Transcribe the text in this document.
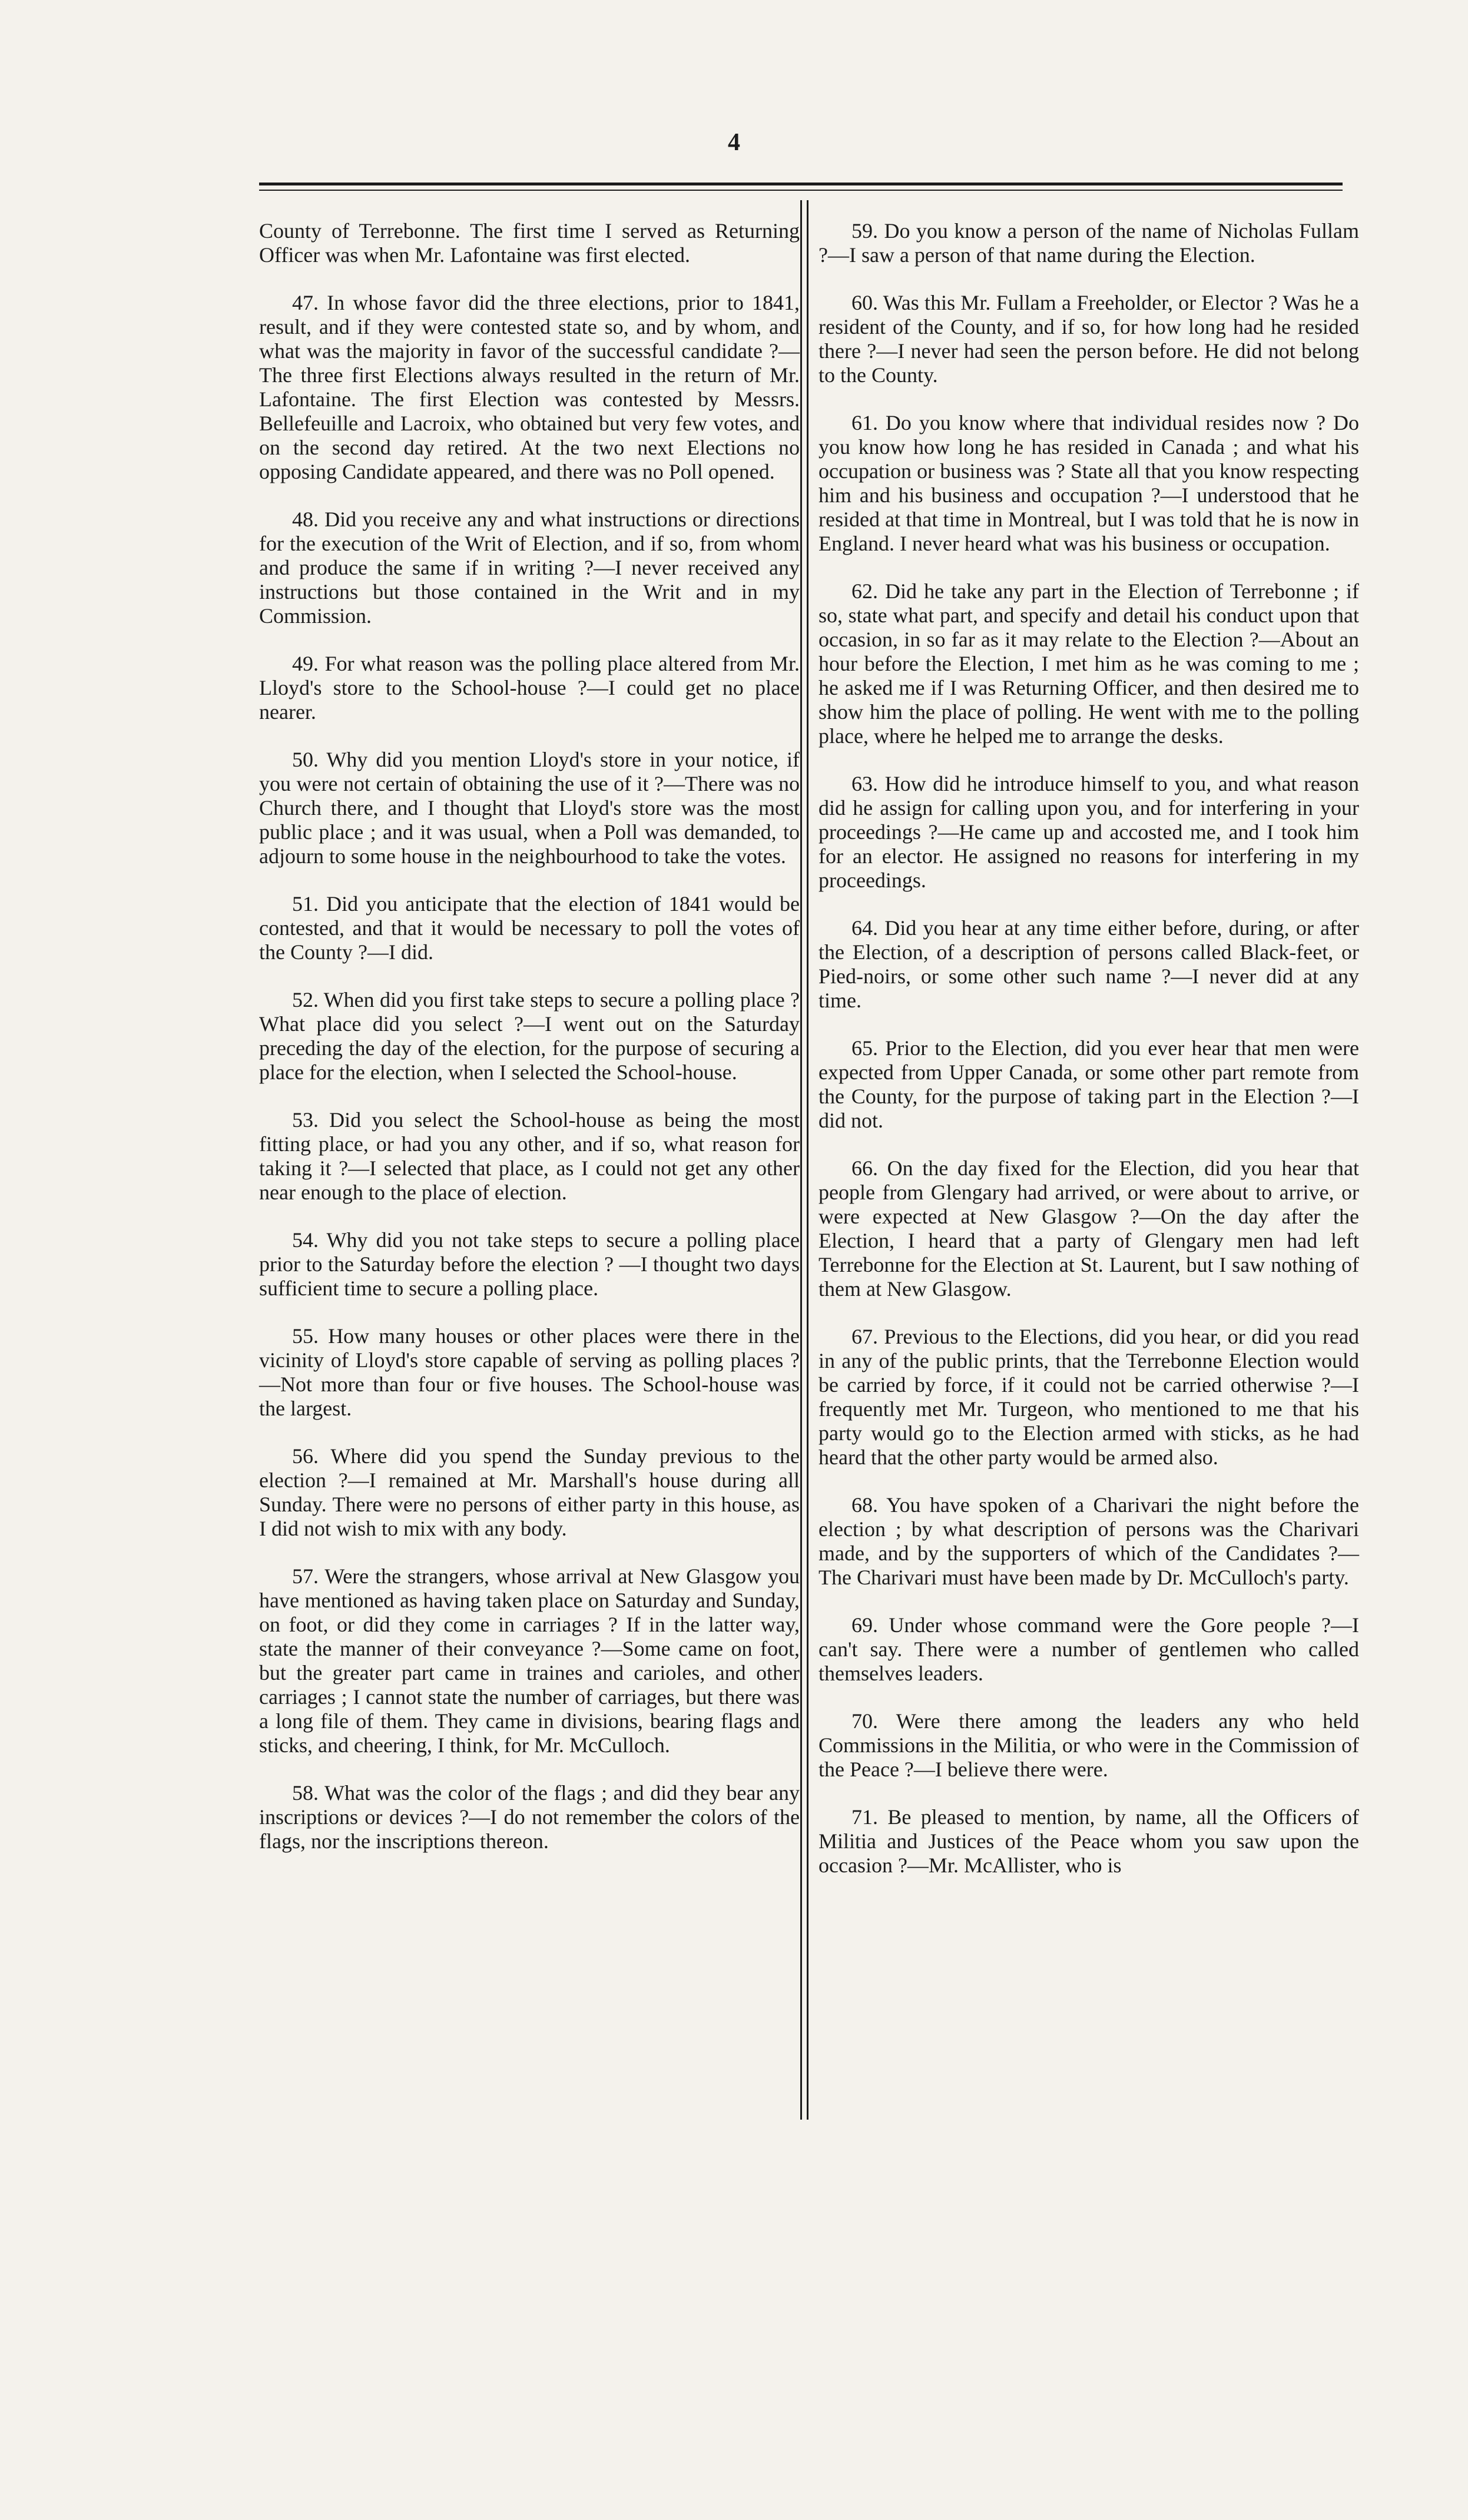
4

County of Terrebonne. The first time I served as Returning Officer was when Mr. Lafontaine was first elected.

47. In whose favor did the three elections, prior to 1841, result, and if they were contested state so, and by whom, and what was the majority in favor of the successful candidate ?—The three first Elections always resulted in the return of Mr. Lafontaine. The first Election was contested by Messrs. Bellefeuille and Lacroix, who obtained but very few votes, and on the second day retired. At the two next Elections no opposing Candidate appeared, and there was no Poll opened.

48. Did you receive any and what instructions or directions for the execution of the Writ of Election, and if so, from whom and produce the same if in writing ?—I never received any instructions but those contained in the Writ and in my Commission.

49. For what reason was the polling place altered from Mr. Lloyd's store to the School-house ?—I could get no place nearer.

50. Why did you mention Lloyd's store in your notice, if you were not certain of obtaining the use of it ?—There was no Church there, and I thought that Lloyd's store was the most public place ; and it was usual, when a Poll was demanded, to adjourn to some house in the neighbourhood to take the votes.

51. Did you anticipate that the election of 1841 would be contested, and that it would be necessary to poll the votes of the County ?—I did.

52. When did you first take steps to secure a polling place ? What place did you select ?—I went out on the Saturday preceding the day of the election, for the purpose of securing a place for the election, when I selected the School-house.

53. Did you select the School-house as being the most fitting place, or had you any other, and if so, what reason for taking it ?—I selected that place, as I could not get any other near enough to the place of election.

54. Why did you not take steps to secure a polling place prior to the Saturday before the election ? —I thought two days sufficient time to secure a polling place.

55. How many houses or other places were there in the vicinity of Lloyd's store capable of serving as polling places ?—Not more than four or five houses. The School-house was the largest.

56. Where did you spend the Sunday previous to the election ?—I remained at Mr. Marshall's house during all Sunday. There were no persons of either party in this house, as I did not wish to mix with any body.

57. Were the strangers, whose arrival at New Glasgow you have mentioned as having taken place on Saturday and Sunday, on foot, or did they come in carriages ? If in the latter way, state the manner of their conveyance ?—Some came on foot, but the greater part came in traines and carioles, and other carriages ; I cannot state the number of carriages, but there was a long file of them. They came in divisions, bearing flags and sticks, and cheering, I think, for Mr. McCulloch.

58. What was the color of the flags ; and did they bear any inscriptions or devices ?—I do not remember the colors of the flags, nor the inscriptions thereon.

59. Do you know a person of the name of Nicholas Fullam ?—I saw a person of that name during the Election.

60. Was this Mr. Fullam a Freeholder, or Elector ? Was he a resident of the County, and if so, for how long had he resided there ?—I never had seen the person before. He did not belong to the County.

61. Do you know where that individual resides now ? Do you know how long he has resided in Canada ; and what his occupation or business was ? State all that you know respecting him and his business and occupation ?—I understood that he resided at that time in Montreal, but I was told that he is now in England. I never heard what was his business or occupation.

62. Did he take any part in the Election of Terrebonne ; if so, state what part, and specify and detail his conduct upon that occasion, in so far as it may relate to the Election ?—About an hour before the Election, I met him as he was coming to me ; he asked me if I was Returning Officer, and then desired me to show him the place of polling. He went with me to the polling place, where he helped me to arrange the desks.

63. How did he introduce himself to you, and what reason did he assign for calling upon you, and for interfering in your proceedings ?—He came up and accosted me, and I took him for an elector. He assigned no reasons for interfering in my proceedings.

64. Did you hear at any time either before, during, or after the Election, of a description of persons called Black-feet, or Pied-noirs, or some other such name ?—I never did at any time.

65. Prior to the Election, did you ever hear that men were expected from Upper Canada, or some other part remote from the County, for the purpose of taking part in the Election ?—I did not.

66. On the day fixed for the Election, did you hear that people from Glengary had arrived, or were about to arrive, or were expected at New Glasgow ?—On the day after the Election, I heard that a party of Glengary men had left Terrebonne for the Election at St. Laurent, but I saw nothing of them at New Glasgow.

67. Previous to the Elections, did you hear, or did you read in any of the public prints, that the Terrebonne Election would be carried by force, if it could not be carried otherwise ?—I frequently met Mr. Turgeon, who mentioned to me that his party would go to the Election armed with sticks, as he had heard that the other party would be armed also.

68. You have spoken of a Charivari the night before the election ; by what description of persons was the Charivari made, and by the supporters of which of the Candidates ?—The Charivari must have been made by Dr. McCulloch's party.

69. Under whose command were the Gore people ?—I can't say. There were a number of gentlemen who called themselves leaders.

70. Were there among the leaders any who held Commissions in the Militia, or who were in the Commission of the Peace ?—I believe there were.

71. Be pleased to mention, by name, all the Officers of Militia and Justices of the Peace whom you saw upon the occasion ?—Mr. McAllister, who is
